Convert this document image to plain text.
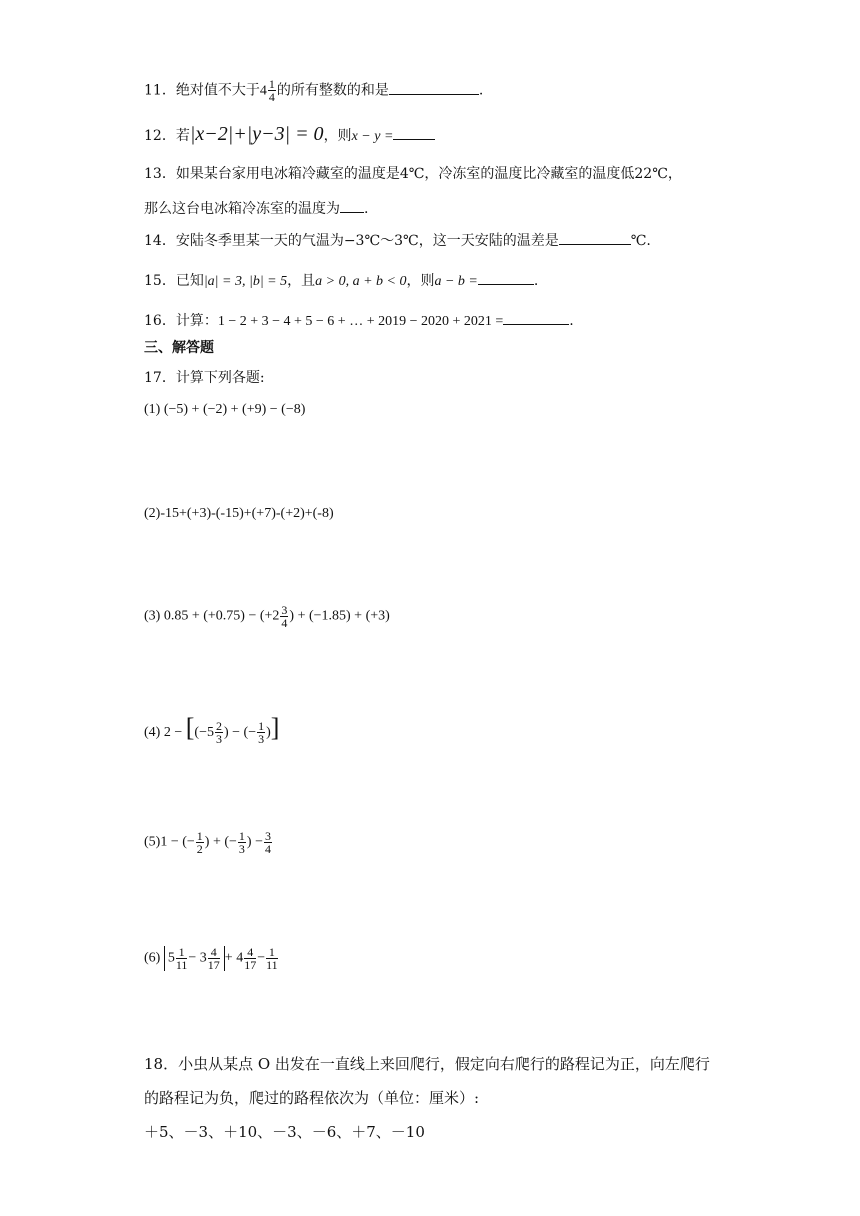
11．绝对值不大于$4 \frac{1}{4}$ 的所有整数的和是	.
12．若|x−2|+|y−3| = 0，则x − y =
13．如果某台家用电冰箱冷藏室的温度是4℃，冷冻室的温度比冷藏室的温度低22℃，
那么这台电冰箱冷冻室的温度为 .
14．安陆冬季里某一天的气温为−3℃～3℃，这一天安陆的温差是	℃.
15．已知|a| = 3, |b| = 5，且a > 0, a + b < 0，则a − b =	.
16．计算：1 − 2 + 3 − 4 + 5 − 6 + … + 2019 − 2020 + 2021 =	.
三、解答题
17．计算下列各题:
(1) (−5) + (−2) + (+9) − (−8)
(2)-15+(+3)-(-15)+(+7)-(+2)+(-8)
(3) $0.85 + (+0.75) - (+2 \frac{3}{4}$ ) + (−1.85) + (+3)
(4) $2 - [(-5 \frac{2}{3}$ ) − (− $\frac{1}{3}$ )]
(5)1 − (− $\frac{1}{2}$ ) + (− $\frac{1}{3}$ ) − $\frac{3}{4}$
(6) $5 \frac{1}{11} - 3 \frac{4}{17} + 4 \frac{4}{17} - \frac{1}{11}$
18．小虫从某点 O 出发在一直线上来回爬行，假定向右爬行的路程记为正，向左爬行
的路程记为负，爬过的路程依次为（单位：厘米）:
＋5、－3、＋10、－3、－6、＋7、－10
